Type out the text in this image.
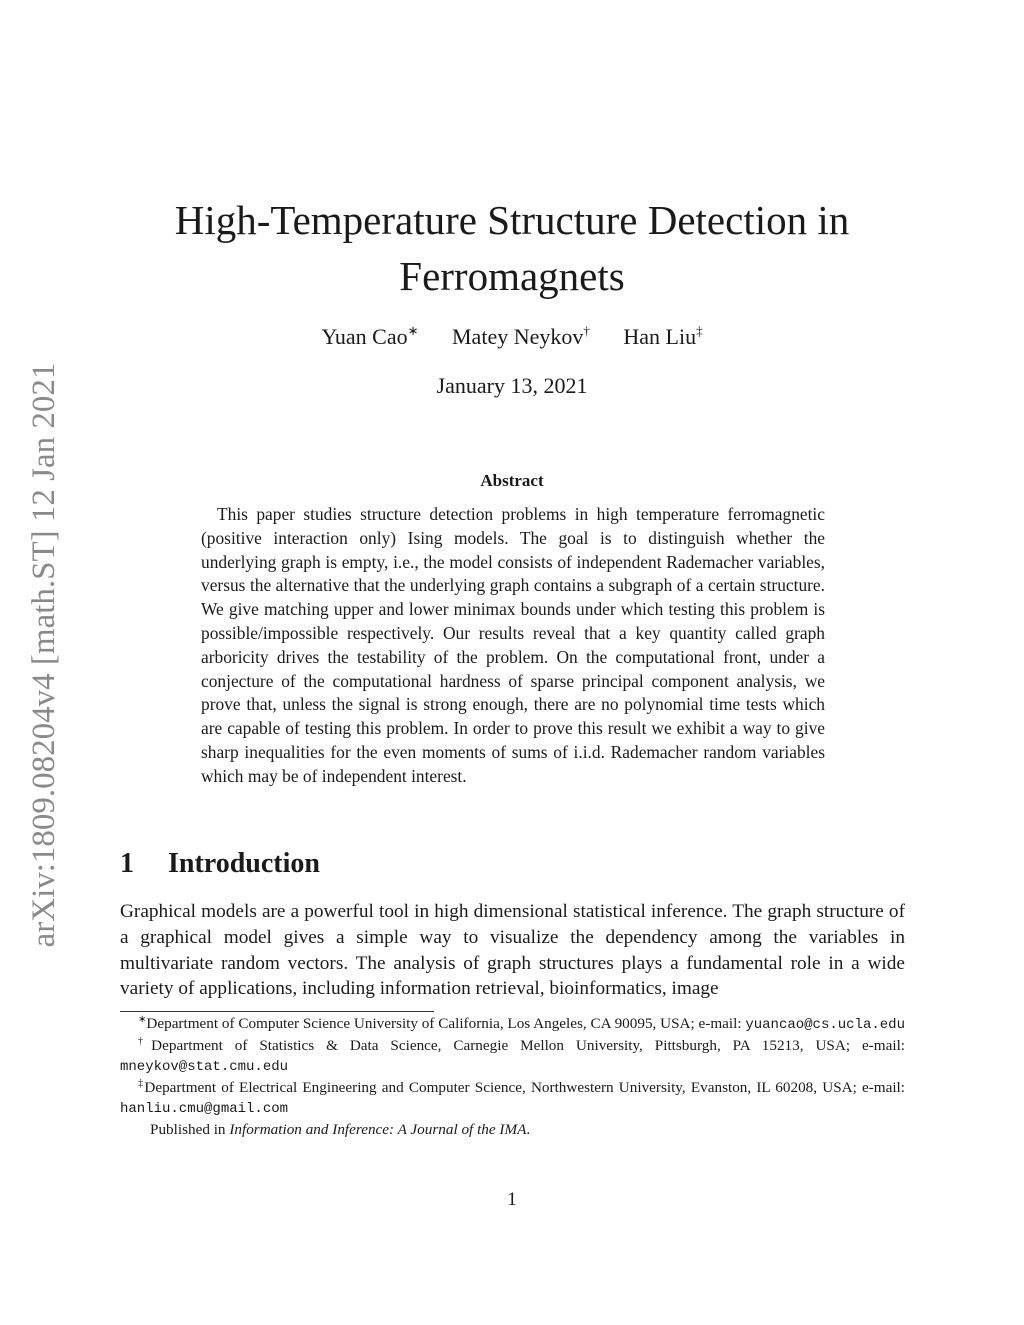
arXiv:1809.08204v4 [math.ST] 12 Jan 2021
High-Temperature Structure Detection in
Ferromagnets
Yuan Cao∗ Matey Neykov† Han Liu‡
January 13, 2021
Abstract

This paper studies structure detection problems in high temperature ferromagnetic (positive interaction only) Ising models. The goal is to distinguish whether the underlying graph is empty, i.e., the model consists of independent Rademacher variables, versus the alternative that the underlying graph contains a subgraph of a certain structure. We give matching upper and lower minimax bounds under which testing this problem is possible/impossible respectively. Our results reveal that a key quantity called graph arboricity drives the testability of the problem. On the computational front, under a conjecture of the computational hardness of sparse principal component analysis, we prove that, unless the signal is strong enough, there are no polynomial time tests which are capable of testing this problem. In order to prove this result we exhibit a way to give sharp inequalities for the even moments of sums of i.i.d. Rademacher random variables which may be of independent interest.

1 Introduction

Graphical models are a powerful tool in high dimensional statistical inference. The graph structure of a graphical model gives a simple way to visualize the dependency among the variables in multivariate random vectors. The analysis of graph structures plays a fundamental role in a wide variety of applications, including information retrieval, bioinformatics, image

∗Department of Computer Science University of California, Los Angeles, CA 90095, USA; e-mail: yuancao@cs.ucla.edu

†Department of Statistics & Data Science, Carnegie Mellon University, Pittsburgh, PA 15213, USA; e-mail: mneykov@stat.cmu.edu

‡Department of Electrical Engineering and Computer Science, Northwestern University, Evanston, IL 60208, USA; e-mail: hanliu.cmu@gmail.com

Published in Information and Inference: A Journal of the IMA.

1
